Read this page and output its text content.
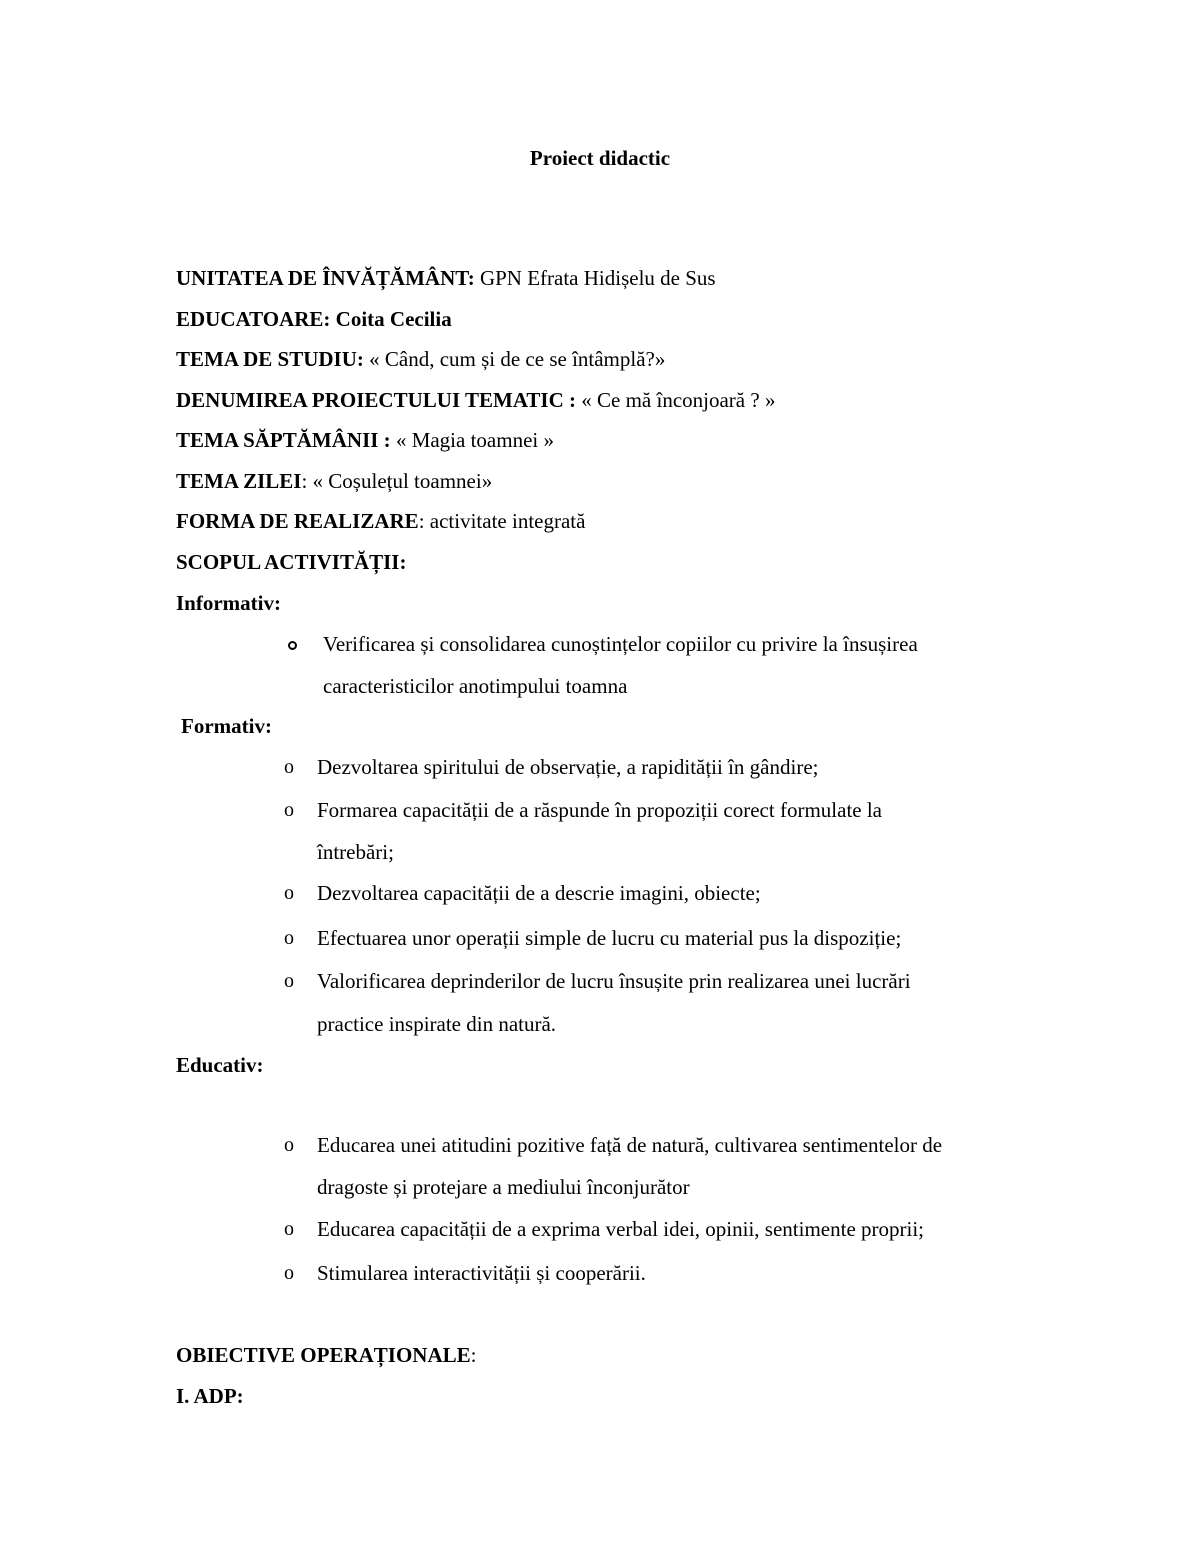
Proiect didactic
UNITATEA DE ÎNVĂȚĂMÂNT: GPN Efrata Hidișelu de Sus
EDUCATOARE: Coita Cecilia
TEMA DE STUDIU: « Când, cum și de ce se întâmplă?»
DENUMIREA PROIECTULUI TEMATIC : « Ce mă înconjoară ? »
TEMA SĂPTĂMÂNII : « Magia toamnei »
TEMA ZILEI: « Coșulețul toamnei»
FORMA DE REALIZARE: activitate integrată
SCOPUL ACTIVITĂȚII:
Informativ:
Verificarea și consolidarea cunoștințelor copiilor cu privire la însușirea
caracteristicilor anotimpului toamna
Formativ:
o Dezvoltarea spiritului de observație, a rapidității în gândire;
o Formarea capacității de a răspunde în propoziții corect formulate la
întrebări;
o Dezvoltarea capacității de a descrie imagini, obiecte;
o Efectuarea unor operații simple de lucru cu material pus la dispoziție;
o Valorificarea deprinderilor de lucru însușite prin realizarea unei lucrări
practice inspirate din natură.
Educativ:
o Educarea unei atitudini pozitive față de natură, cultivarea sentimentelor de
dragoste și protejare a mediului înconjurător
o Educarea capacității de a exprima verbal idei, opinii, sentimente proprii;
o Stimularea interactivității și cooperării.
OBIECTIVE OPERAȚIONALE:
I. ADP:
